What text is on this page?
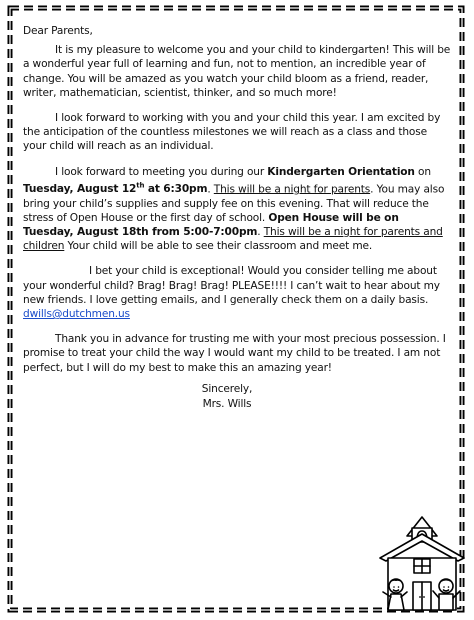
Dear Parents,

It is my pleasure to welcome you and your child to kindergarten! This will be a wonderful year full of learning and fun, not to mention, an incredible year of change. You will be amazed as you watch your child bloom as a friend, reader, writer, mathematician, scientist, thinker, and so much more!

I look forward to working with you and your child this year. I am excited by the anticipation of the countless milestones we will reach as a class and those your child will reach as an individual.

I look forward to meeting you during our Kindergarten Orientation on Tuesday, August 12th at 6:30pm. This will be a night for parents. You may also bring your child’s supplies and supply fee on this evening. That will reduce the stress of Open House or the first day of school. Open House will be on Tuesday, August 18th from 5:00-7:00pm. This will be a night for parents and children Your child will be able to see their classroom and meet me.

I bet your child is exceptional! Would you consider telling me about your wonderful child? Brag! Brag! Brag! PLEASE!!!! I can’t wait to hear about my new friends. I love getting emails, and I generally check them on a daily basis. dwills@dutchmen.us

Thank you in advance for trusting me with your most precious possession. I promise to treat your child the way I would want my child to be treated. I am not perfect, but I will do my best to make this an amazing year!

Sincerely,
Mrs. Wills
